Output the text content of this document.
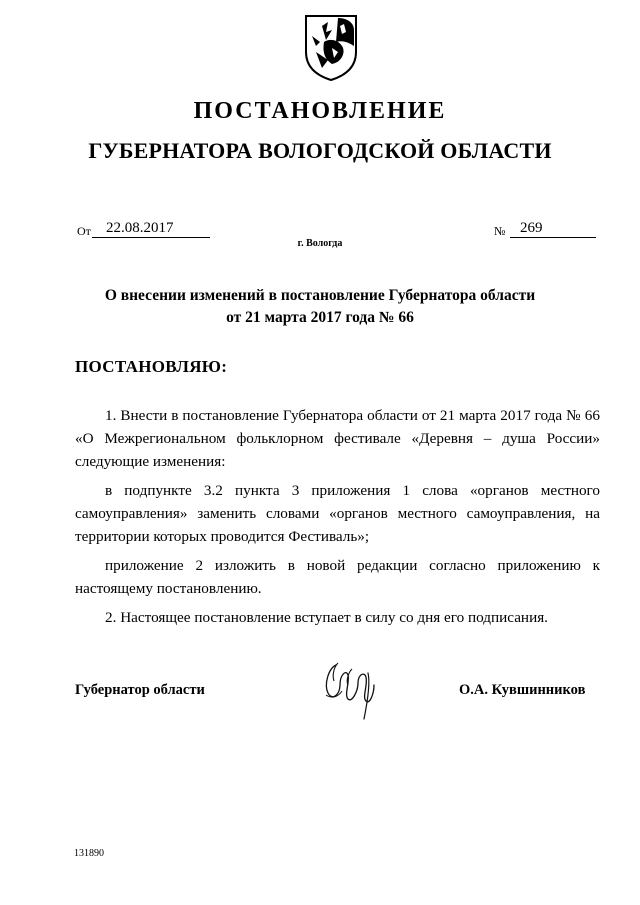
ПОСТАНОВЛЕНИЕ
ГУБЕРНАТОРА ВОЛОГОДСКОЙ ОБЛАСТИ
От	22.08.2017	№ 269
г. Вологда
О внесении изменений в постановление Губернатора области
от 21 марта 2017 года № 66
ПОСТАНОВЛЯЮ:

1. Внести в постановление Губернатора области от 21 марта 2017 года № 66 «О Межрегиональном фольклорном фестивале «Деревня – душа России» следующие изменения:

в подпункте 3.2 пункта 3 приложения 1 слова «органов местного самоуправления» заменить словами «органов местного самоуправления, на территории которых проводится Фестиваль»;

приложение 2 изложить в новой редакции согласно приложению к настоящему постановлению.

2. Настоящее постановление вступает в силу со дня его подписания.

Губернатор области	О.А. Кувшинников
131890
